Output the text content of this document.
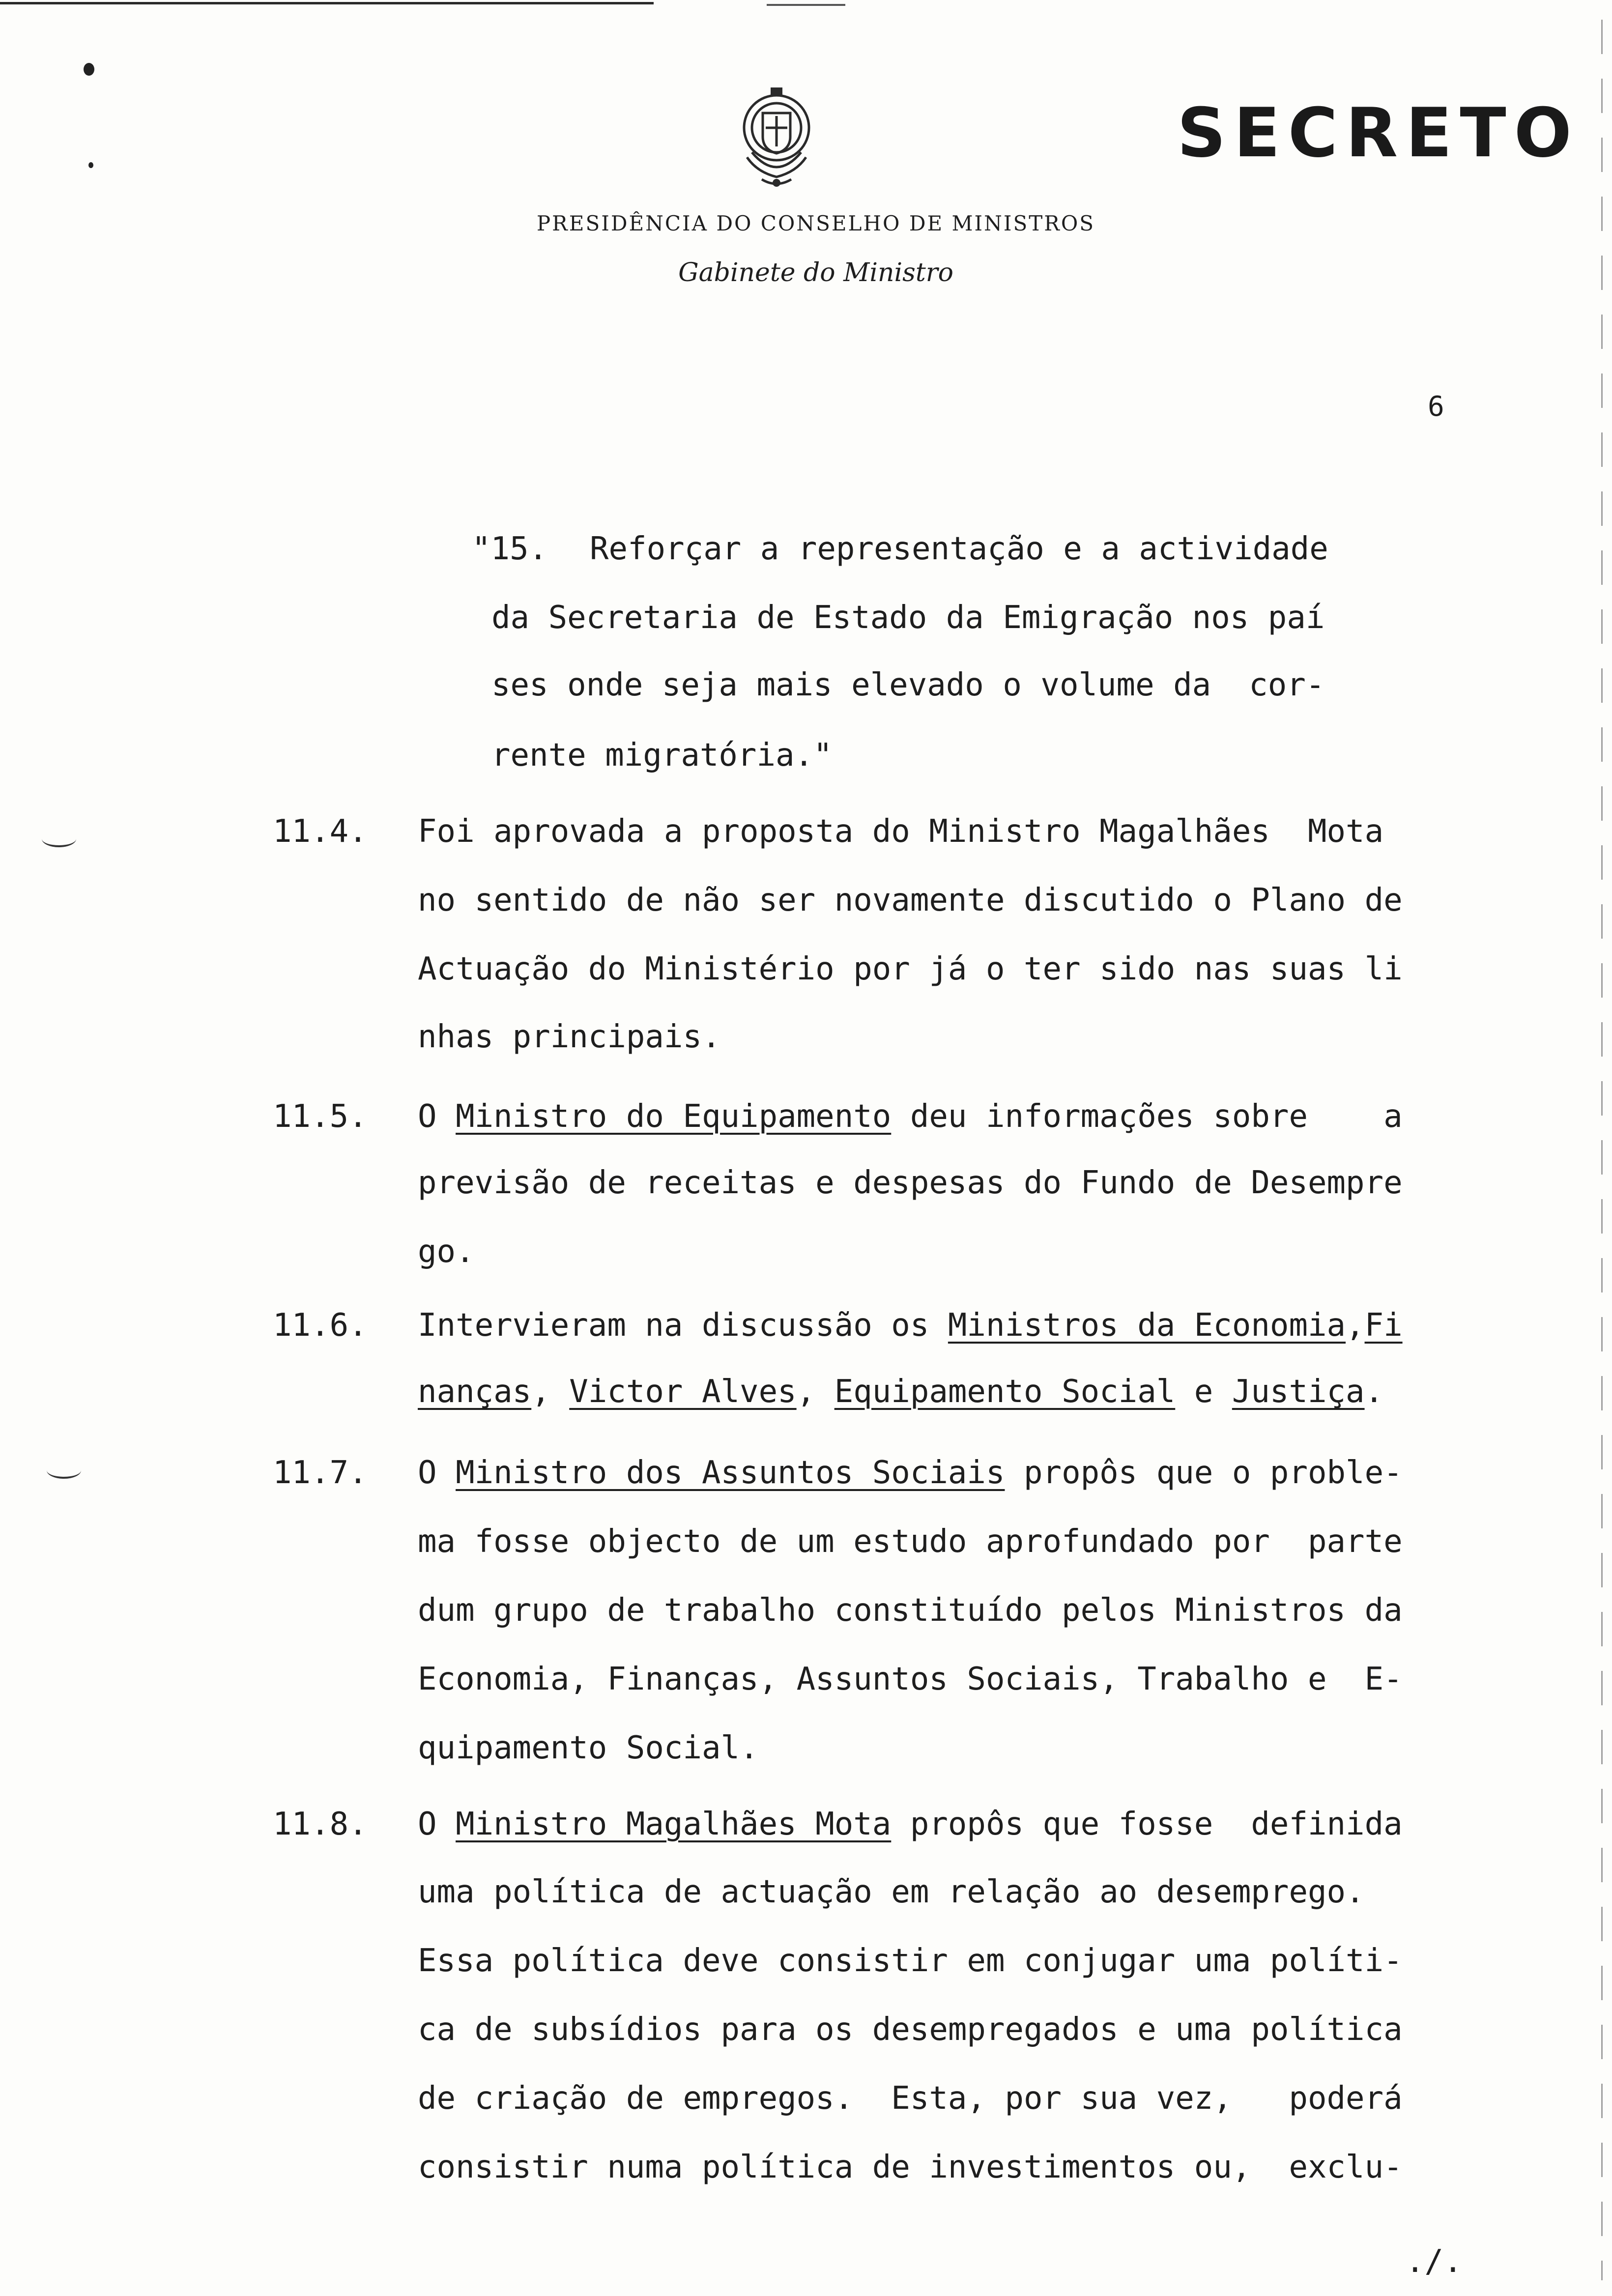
SECRETO
PRESIDÊNCIA DO CONSELHO DE MINISTROS
Gabinete do Ministro
6
"15. Reforçar a representação e a actividade
da Secretaria de Estado da Emigração nos paí
ses onde seja mais elevado o volume da  cor-
rente migratória."
11.4. Foi aprovada a proposta do Ministro Magalhães  Mota
no sentido de não ser novamente discutido o Plano de
Actuação do Ministério por já o ter sido nas suas li
nhas principais.
11.5. O Ministro do Equipamento deu informações sobre    a
previsão de receitas e despesas do Fundo de Desempre
go.
11.6. Intervieram na discussão os Ministros da Economia,Fi
nanças, Victor Alves, Equipamento Social e Justiça.
11.7. O Ministro dos Assuntos Sociais propôs que o proble-
ma fosse objecto de um estudo aprofundado por  parte
dum grupo de trabalho constituído pelos Ministros da
Economia, Finanças, Assuntos Sociais, Trabalho e  E-
quipamento Social.
11.8. O Ministro Magalhães Mota propôs que fosse  definida
uma política de actuação em relação ao desemprego.
Essa política deve consistir em conjugar uma políti-
ca de subsídios para os desempregados e uma política
de criação de empregos.  Esta, por sua vez,   poderá
consistir numa política de investimentos ou,  exclu-
./.
